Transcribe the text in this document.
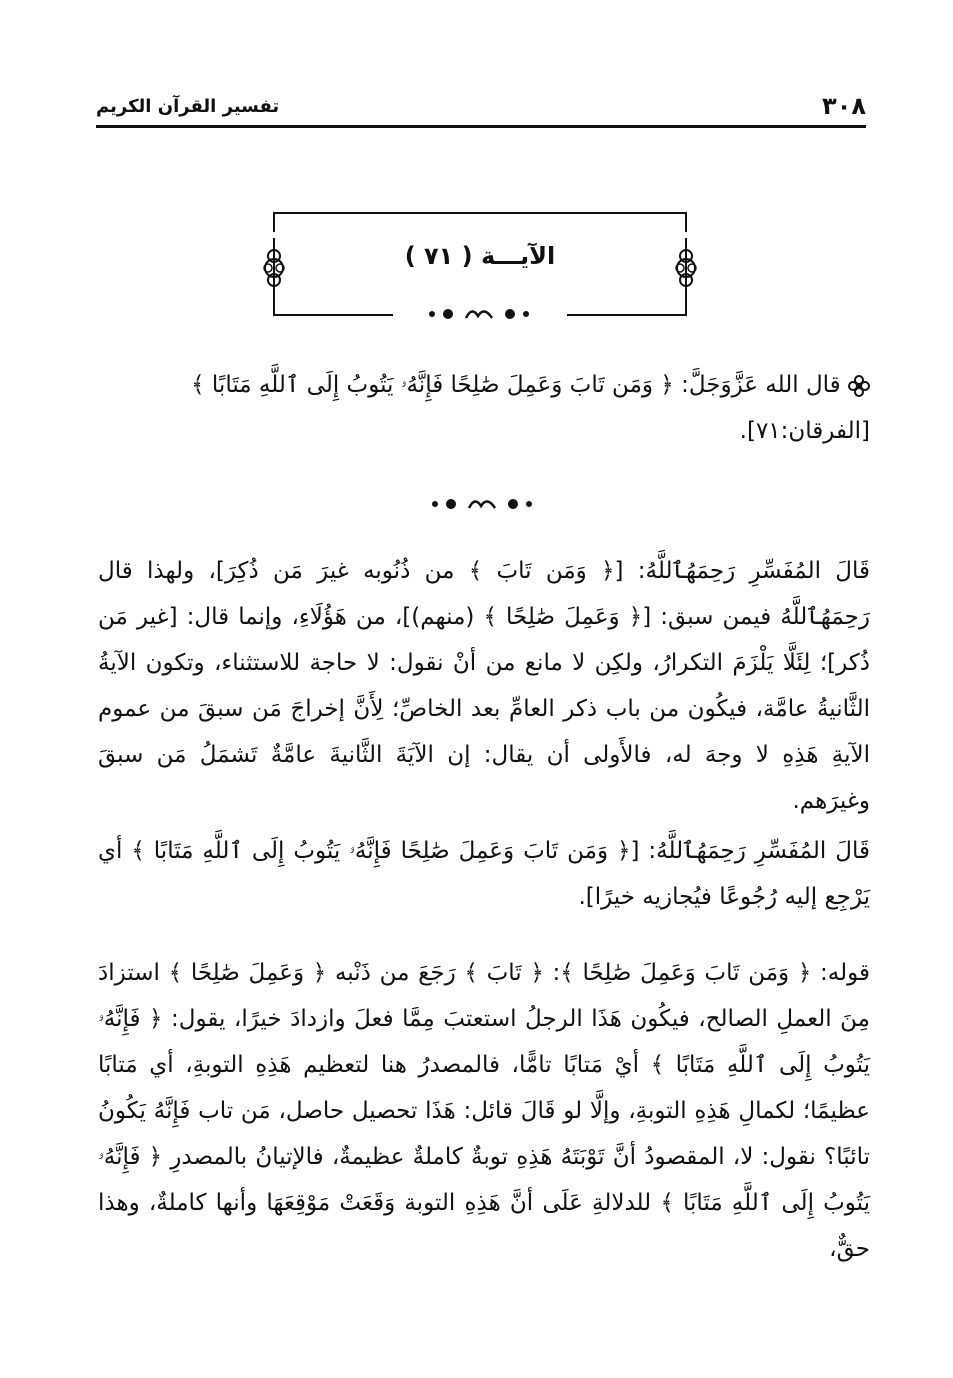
٣٠٨
تفسير القرآن الكريم
الآيـــة ( ٧١ )
قال الله عَزَّوَجَلَّ: ﴿ وَمَن تَابَ وَعَمِلَ صَٰلِحًا فَإِنَّهُۥ يَتُوبُ إِلَى ٱللَّهِ مَتَابًا ﴾
[الفرقان:٧١].
قَالَ المُفَسِّرِ رَحِمَهُٱللَّهُ: [﴿ وَمَن تَابَ ﴾ من ذُنُوبه غيرَ مَن ذُكِرَ]، ولهذا قال رَحِمَهُٱللَّهُ فيمن سبق: [﴿ وَعَمِلَ صَٰلِحًا ﴾ (منهم)]، من هَؤُلَاءِ، وإنما قال: [غير مَن ذُكر]؛ لِئَلَّا يَلْزَمَ التكرارُ، ولكِن لا مانع من أنْ نقول: لا حاجة للاستثناء، وتكون الآيةُ الثَّانيةُ عامَّة، فيكُون من باب ذكر العامِّ بعد الخاصِّ؛ لِأَنَّ إخراجَ مَن سبقَ من عموم الآيةِ هَذِهِ لا وجهَ له، فالأَولى أن يقال: إن الآيَةَ الثَّانيةَ عامَّةٌ تَشمَلُ مَن سبقَ وغيرَهم.
قَالَ المُفَسِّرِ رَحِمَهُٱللَّهُ: [﴿ وَمَن تَابَ وَعَمِلَ صَٰلِحًا فَإِنَّهُۥ يَتُوبُ إِلَى ٱللَّهِ مَتَابًا ﴾ أي يَرْجِع إليه رُجُوعًا فيُجازيه خيرًا].
قوله: ﴿ وَمَن تَابَ وَعَمِلَ صَٰلِحًا ﴾: ﴿ تَابَ ﴾ رَجَعَ من ذَنْبه ﴿ وَعَمِلَ صَٰلِحًا ﴾ استزادَ مِنَ العملِ الصالح، فيكُون هَذَا الرجلُ استعتبَ مِمَّا فعلَ وازدادَ خيرًا، يقول: ﴿ فَإِنَّهُۥ يَتُوبُ إِلَى ٱللَّهِ مَتَابًا ﴾ أيْ مَتابًا تامًّا، فالمصدرُ هنا لتعظيم هَذِهِ التوبةِ، أي مَتابًا عظيمًا؛ لكمالِ هَذِهِ التوبةِ، وإلَّا لو قَالَ قائل: هَذَا تحصيل حاصل، مَن تاب فَإِنَّهُ يَكُونُ تائبًا؟ نقول: لا، المقصودُ أنَّ تَوْبَتَهُ هَذِهِ توبةٌ كاملةٌ عظيمةٌ، فالإتيانُ بالمصدرِ ﴿ فَإِنَّهُۥ يَتُوبُ إِلَى ٱللَّهِ مَتَابًا ﴾ للدلالةِ عَلَى أنَّ هَذِهِ التوبة وَقَعَتْ مَوْقِعَهَا وأنها كاملةٌ، وهذا حقٌّ،
